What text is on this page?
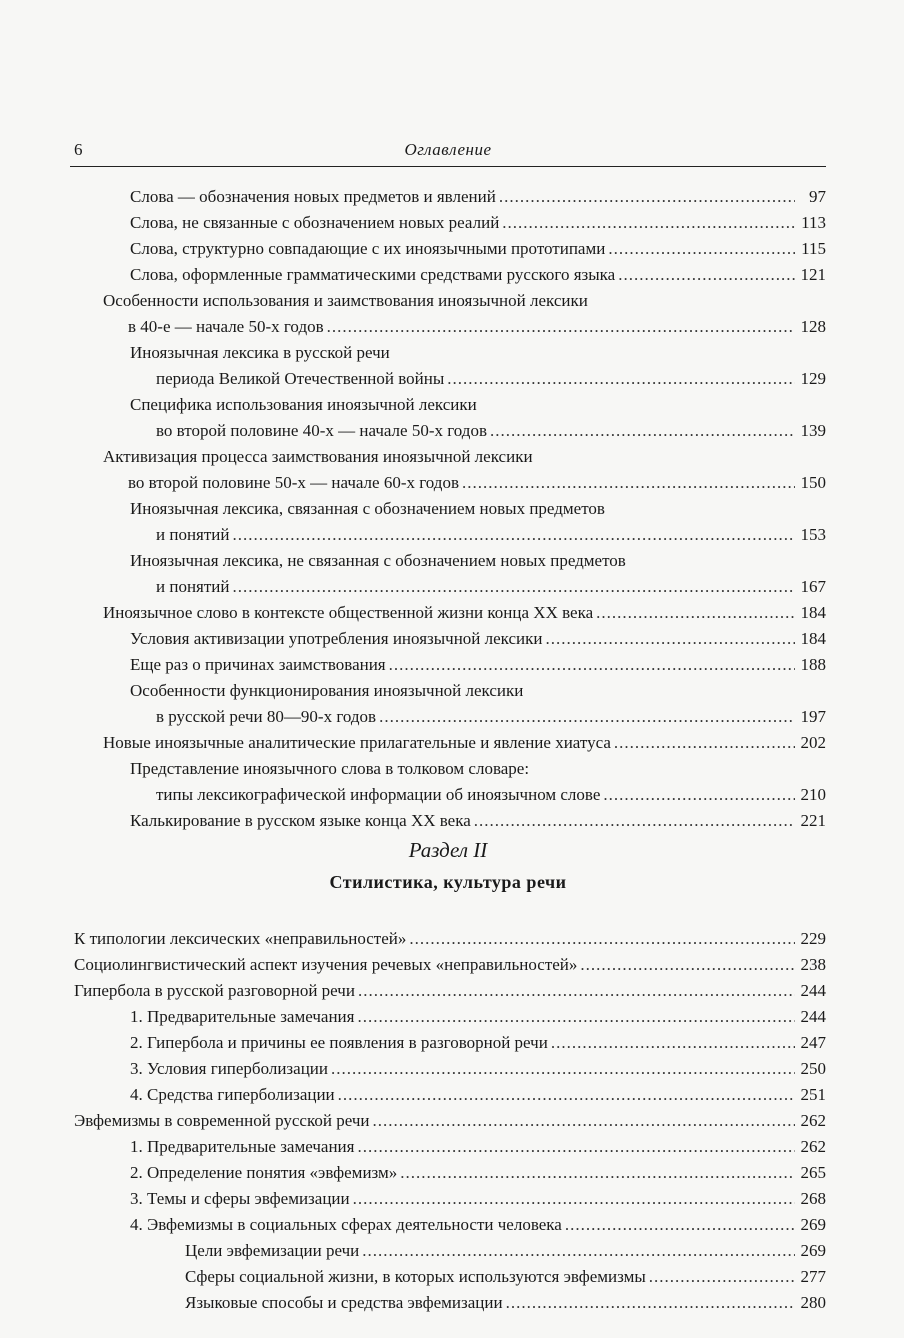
6	Оглавление
Слова — обозначения новых предметов и явлений .....	97
Слова, не связанные с обозначением новых реалий .....	113
Слова, структурно совпадающие с их иноязычными прототипами .....	115
Слова, оформленные грамматическими средствами русского языка .....	121
Особенности использования и заимствования иноязычной лексики
в 40-е — начале 50-х годов .....	128
Иноязычная лексика в русской речи
периода Великой Отечественной войны .....	129
Специфика использования иноязычной лексики
во второй половине 40-х — начале 50-х годов .....	139
Активизация процесса заимствования иноязычной лексики
во второй половине 50-х — начале 60-х годов .....	150
Иноязычная лексика, связанная с обозначением новых предметов
и понятий .....	153
Иноязычная лексика, не связанная с обозначением новых предметов
и понятий .....	167
Иноязычное слово в контексте общественной жизни конца XX века .....	184
Условия активизации употребления иноязычной лексики .....	184
Еще раз о причинах заимствования .....	188
Особенности функционирования иноязычной лексики
в русской речи 80—90-х годов .....	197
Новые иноязычные аналитические прилагательные и явление хиатуса .....	202
Представление иноязычного слова в толковом словаре:
типы лексикографической информации об иноязычном слове .....	210
Калькирование в русском языке конца XX века .....	221
Раздел II
Стилистика, культура речи
К типологии лексических «неправильностей» .....	229
Социолингвистический аспект изучения речевых «неправильностей» .....	238
Гипербола в русской разговорной речи .....	244
1. Предварительные замечания .....	244
2. Гипербола и причины ее появления в разговорной речи .....	247
3. Условия гиперболизации .....	250
4. Средства гиперболизации .....	251
Эвфемизмы в современной русской речи .....	262
1. Предварительные замечания .....	262
2. Определение понятия «эвфемизм» .....	265
3. Темы и сферы эвфемизации .....	268
4. Эвфемизмы в социальных сферах деятельности человека .....	269
Цели эвфемизации речи .....	269
Сферы социальной жизни, в которых используются эвфемизмы .....	277
Языковые способы и средства эвфемизации .....	280
